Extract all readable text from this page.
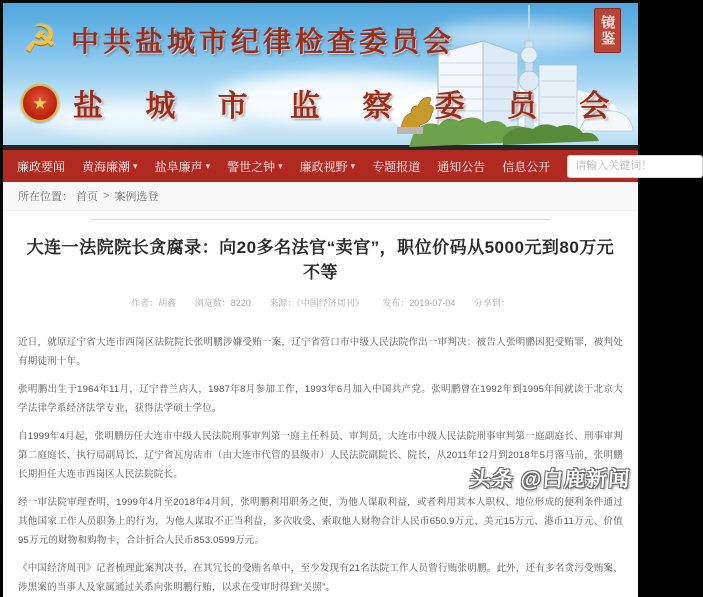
镜鉴
☭ 中共盐城市纪律检查委员会
★ 盐 城 市 监 察 委 员 会
廉政要闻 黄海廉潮 ▾ 盐阜廉声 ▾ 警世之钟 ▾ 廉政视野 ▾ 专题报道 通知公告 信息公开
请输入关键词！
所在位置： 首页 > 案例选登
大连一法院院长贪腐录：向20多名法官“卖官”，职位价码从5000元到80万元不等
作者：胡鑫 浏览数：8220 来源：《中国经济周刊》 发布：2019-07-04 分享到：

近日，就原辽宁省大连市西岗区法院院长张明鹏涉嫌受贿一案，辽宁省营口市中级人民法院作出一审判决：被告人张明鹏因犯受贿罪，被判处有期徒刑十年。

张明鹏出生于1964年11月，辽宁普兰店人，1987年8月参加工作，1993年6月加入中国共产党。张明鹏曾在1992年到1995年间就读于北京大学法律学系经济法学专业，获得法学硕士学位。

自1999年4月起，张明鹏历任大连市中级人民法院刑事审判第一庭主任科员、审判员，大连市中级人民法院刑事审判第一庭副庭长、刑事审判第二庭庭长、执行局副局长，辽宁省瓦房店市（由大连市代管的县级市）人民法院副院长、院长，从2011年12月到2018年5月落马前，张明鹏长期担任大连市西岗区人民法院院长。

经一审法院审理查明，1999年4月至2018年4月间，张明鹏利用职务之便，为他人谋取利益，或者利用其本人职权、地位形成的便利条件通过其他国家工作人员职务上的行为，为他人谋取不正当利益，多次收受、索取他人财物合计人民币650.9万元、美元15万元、港币11万元、价值95万元的财物和购物卡，合计折合人民币853.0599万元。

《中国经济周刊》记者梳理此案判决书，在其冗长的受贿名单中，至少发现有21名法院工作人员曾行贿张明鹏。此外，还有多名贪污受贿案、涉黑案的当事人及家属通过关系向张明鹏行贿，以求在受审时得到“关照”。

头条 @白鹿新闻
